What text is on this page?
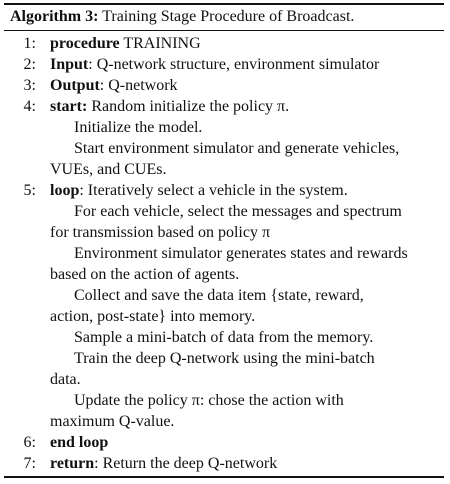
Algorithm 3: Training Stage Procedure of Broadcast.
1: procedure TRAINING
2: Input: Q-network structure, environment simulator
3: Output: Q-network
4: start: Random initialize the policy π.
Initialize the model.
Start environment simulator and generate vehicles,
VUEs, and CUEs.
5: loop: Iteratively select a vehicle in the system.
For each vehicle, select the messages and spectrum
for transmission based on policy π
Environment simulator generates states and rewards
based on the action of agents.
Collect and save the data item {state, reward,
action, post-state} into memory.
Sample a mini-batch of data from the memory.
Train the deep Q-network using the mini-batch
data.
Update the policy π: chose the action with
maximum Q-value.
6: end loop
7: return: Return the deep Q-network
